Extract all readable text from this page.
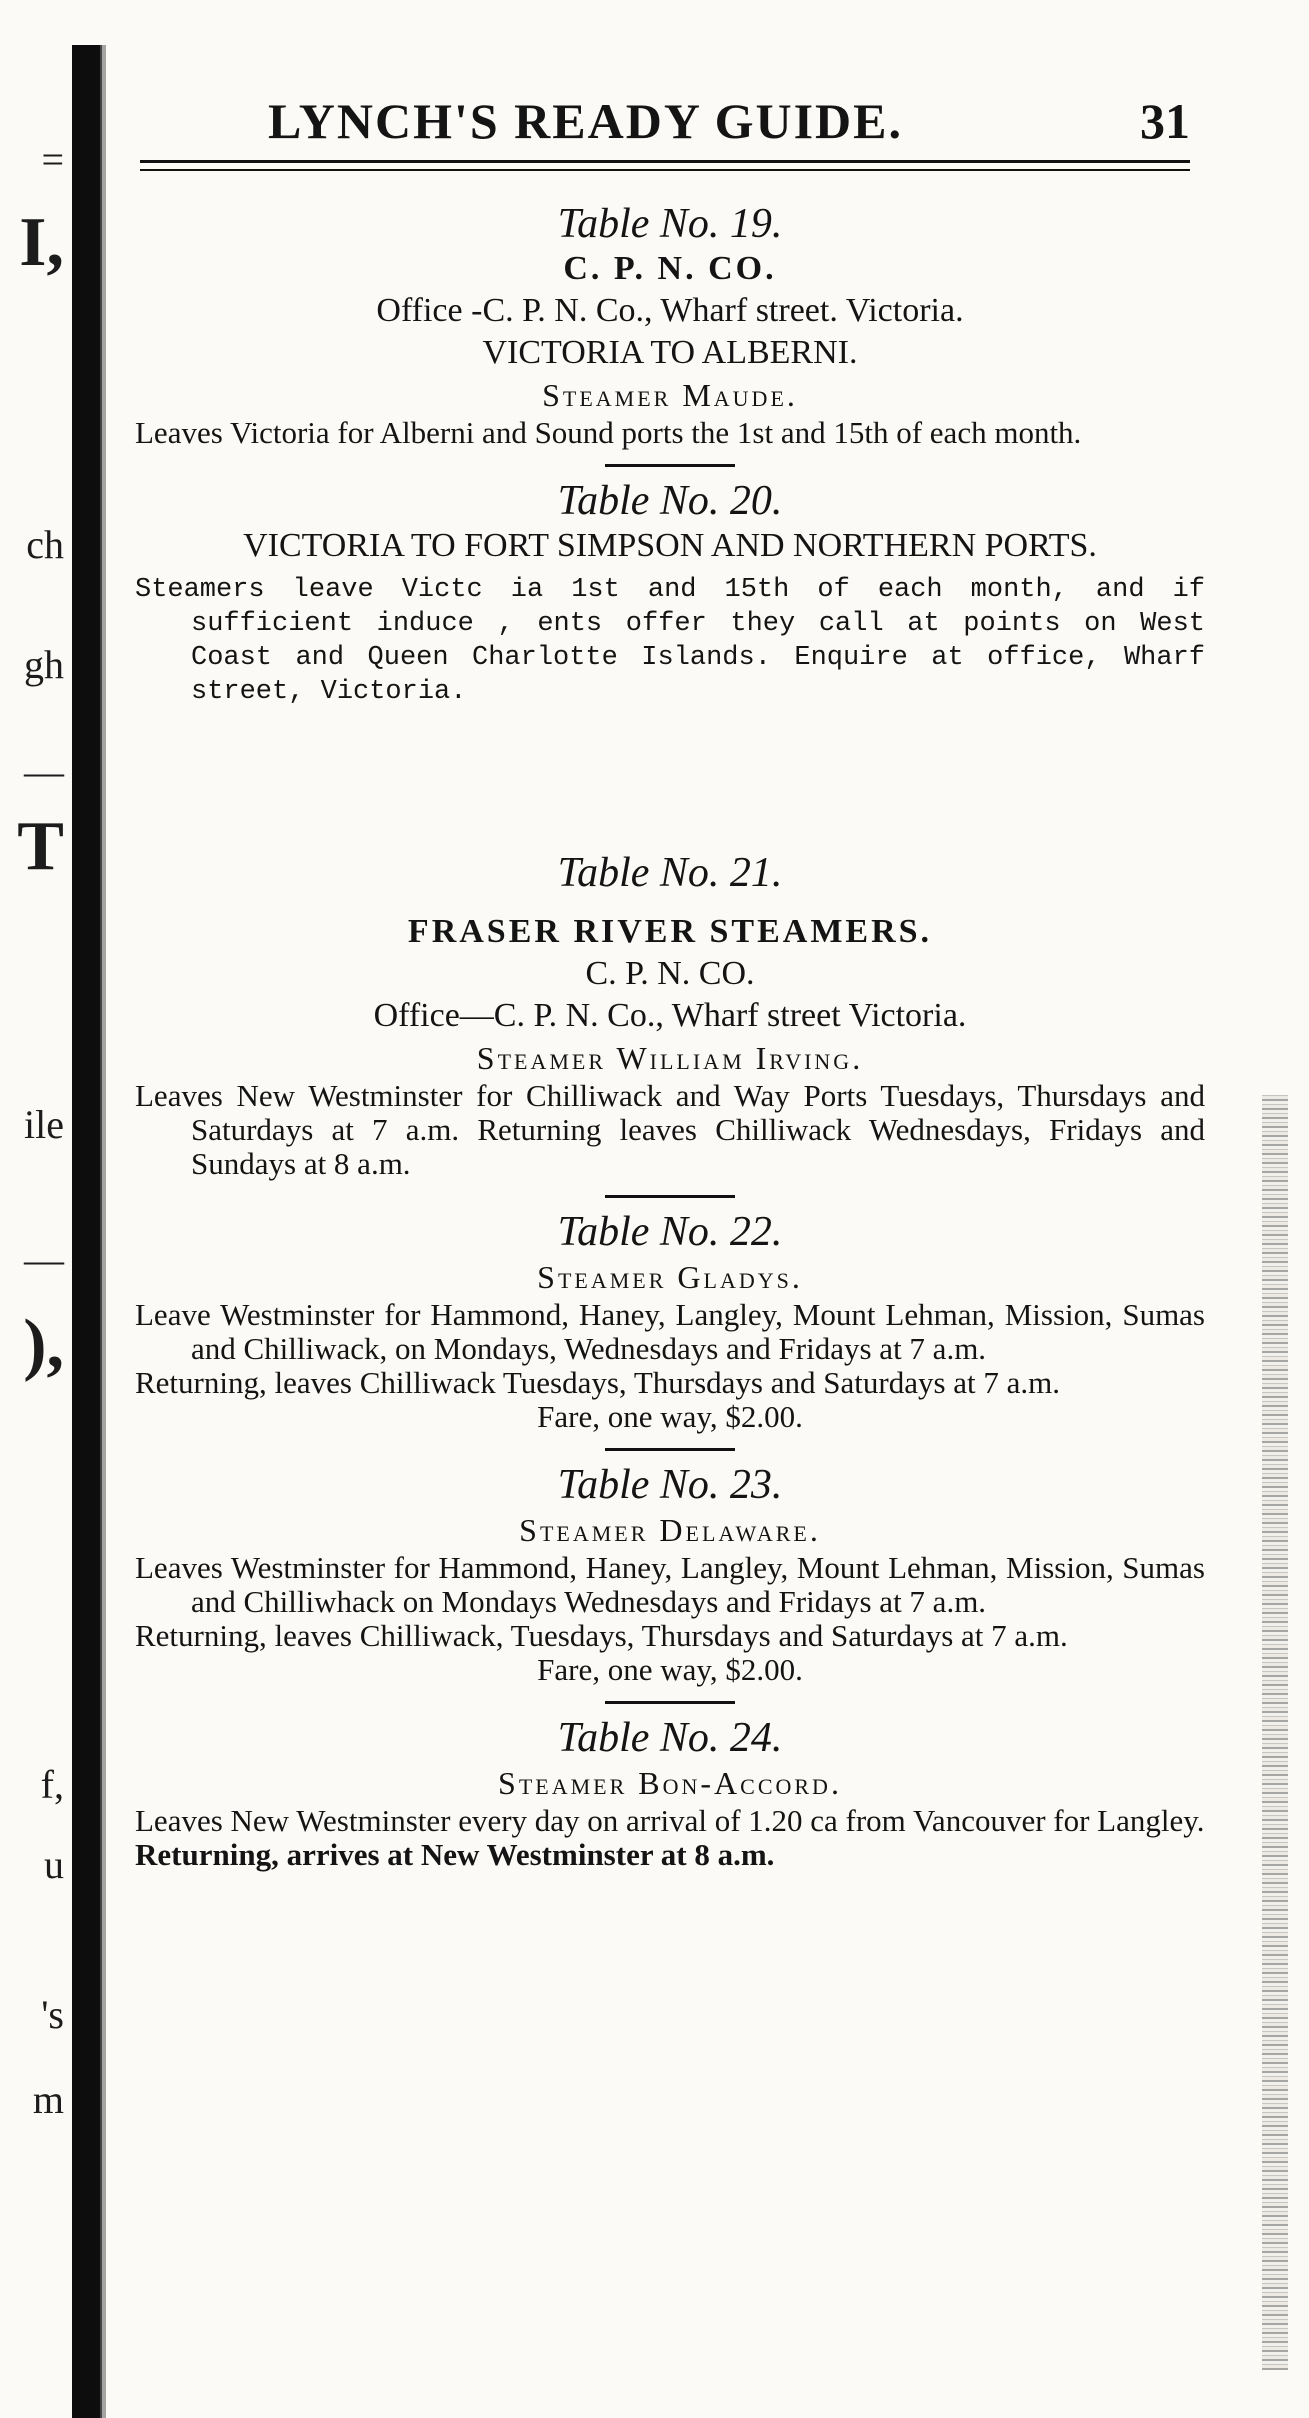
=
I,
ch
gh
—
T
ile
—
),
f,
u
's
m
LYNCH'S READY GUIDE.	31

Table No. 19.

C. P. N. CO.

Office -C. P. N. Co., Wharf street. Victoria.

VICTORIA TO ALBERNI.

Steamer Maude.

Leaves Victoria for Alberni and Sound ports the 1st and 15th of each month.

Table No. 20.

VICTORIA TO FORT SIMPSON AND NORTHERN PORTS.

Steamers leave Victc ia 1st and 15th of each month, and if sufficient induce , ents offer they call at points on West Coast and Queen Charlotte Islands. Enquire at office, Wharf street, Victoria.

Table No. 21.

FRASER RIVER STEAMERS.

C. P. N. CO.

Office—C. P. N. Co., Wharf street Victoria.

Steamer William Irving.

Leaves New Westminster for Chilliwack and Way Ports Tuesdays, Thursdays and Saturdays at 7 a.m. Returning leaves Chilliwack Wednesdays, Fridays and Sundays at 8 a.m.

Table No. 22.

Steamer Gladys.

Leave Westminster for Hammond, Haney, Langley, Mount Lehman, Mission, Sumas and Chilliwack, on Mondays, Wednesdays and Fridays at 7 a.m.

Returning, leaves Chilliwack Tuesdays, Thursdays and Saturdays at 7 a.m.

Fare, one way, $2.00.

Table No. 23.

Steamer Delaware.

Leaves Westminster for Hammond, Haney, Langley, Mount Lehman, Mission, Sumas and Chilliwhack on Mondays Wednesdays and Fridays at 7 a.m.

Returning, leaves Chilliwack, Tuesdays, Thursdays and Saturdays at 7 a.m.

Fare, one way, $2.00.

Table No. 24.

Steamer Bon-Accord.

Leaves New Westminster every day on arrival of 1.20 ca from Vancouver for Langley.

Returning, arrives at New Westminster at 8 a.m.
